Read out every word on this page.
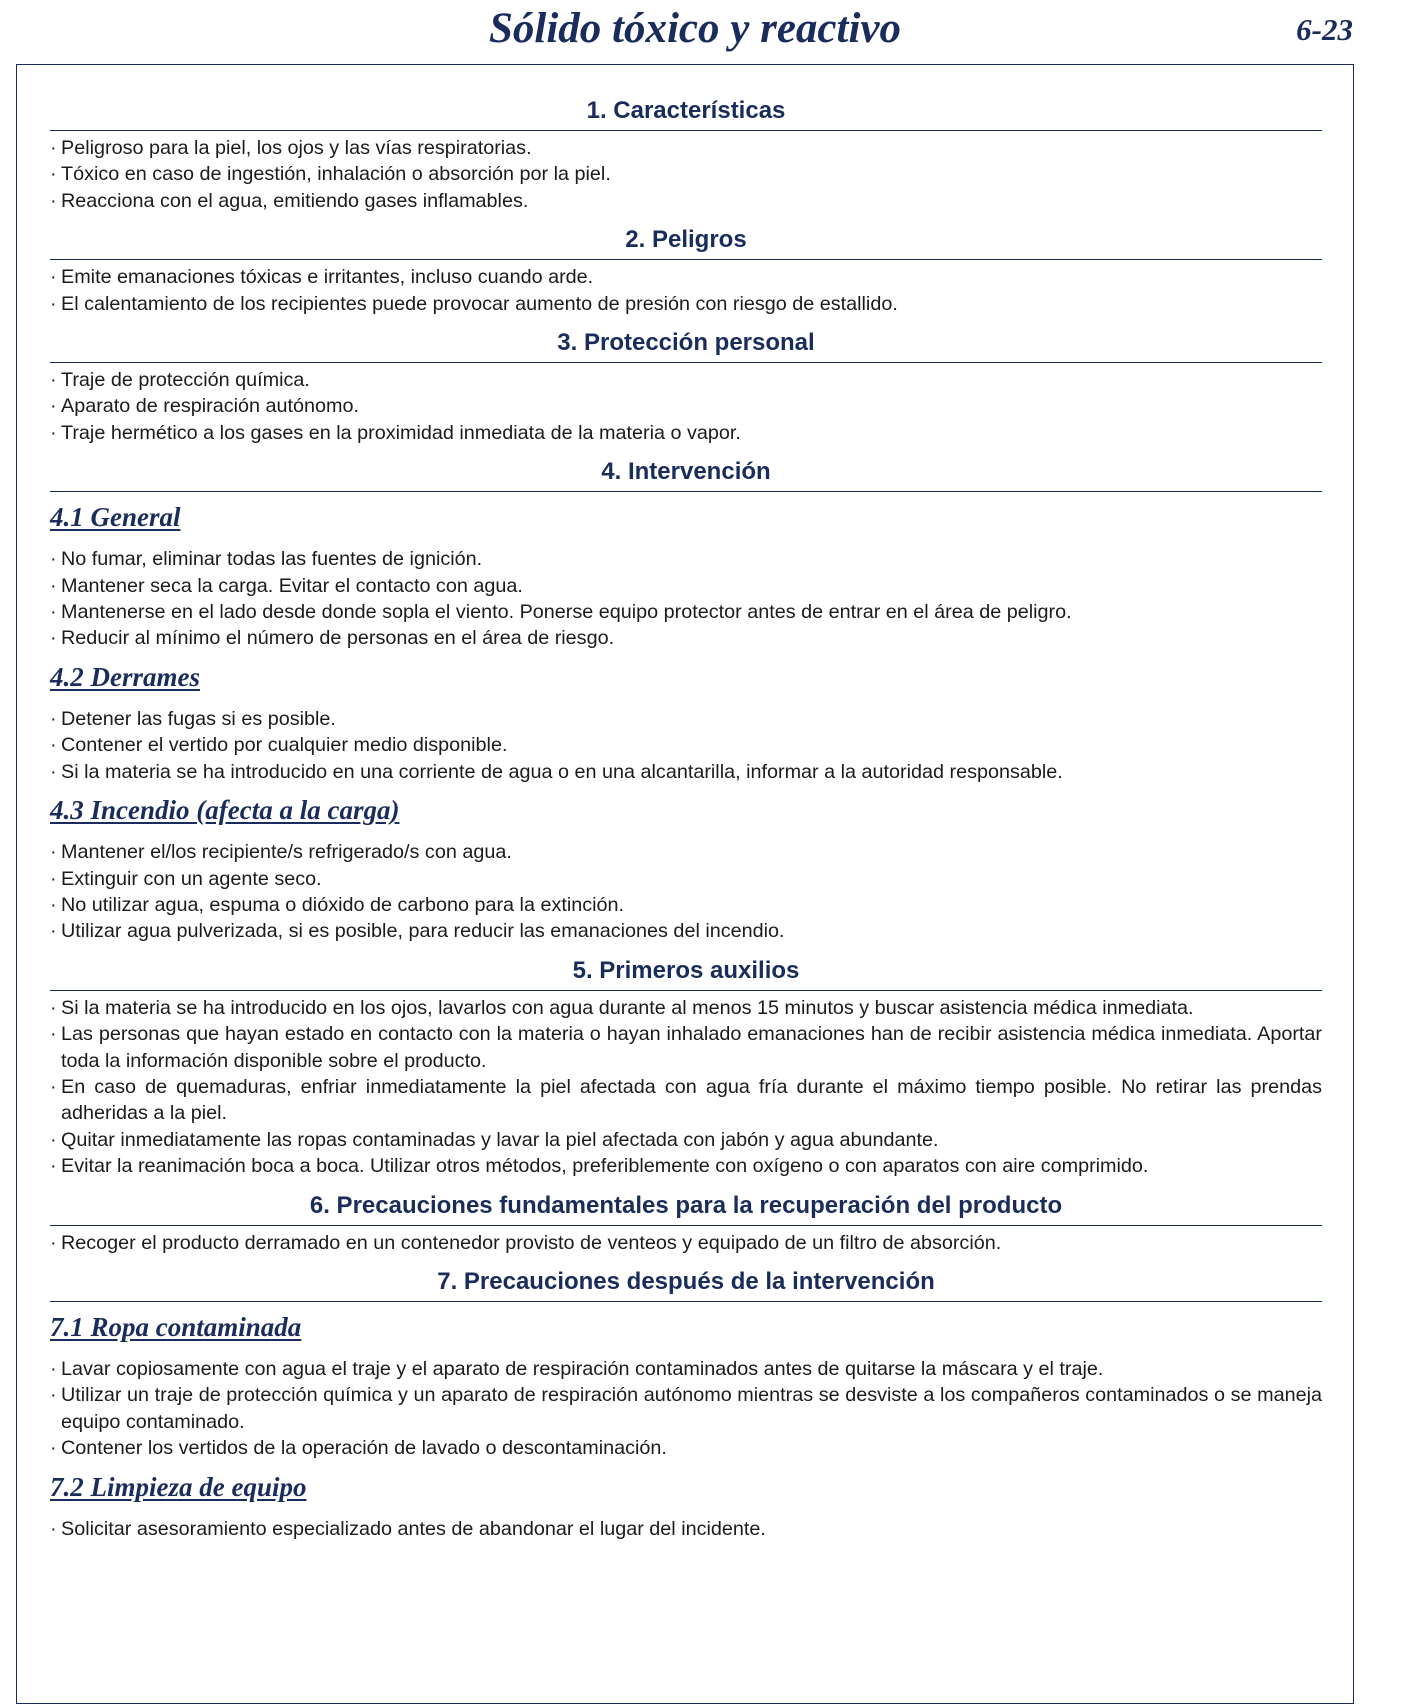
Sólido tóxico y reactivo	6-23
1. Características
· Peligroso para la piel, los ojos y las vías respiratorias.
· Tóxico en caso de ingestión, inhalación o absorción por la piel.
· Reacciona con el agua, emitiendo gases inflamables.
2. Peligros
· Emite emanaciones tóxicas e irritantes, incluso cuando arde.
· El calentamiento de los recipientes puede provocar aumento de presión con riesgo de estallido.
3. Protección personal
· Traje de protección química.
· Aparato de respiración autónomo.
· Traje hermético a los gases en la proximidad inmediata de la materia o vapor.
4. Intervención
4.1 General
· No fumar, eliminar todas las fuentes de ignición.
· Mantener seca la carga. Evitar el contacto con agua.
· Mantenerse en el lado desde donde sopla el viento. Ponerse equipo protector antes de entrar en el área de peligro.
· Reducir al mínimo el número de personas en el área de riesgo.
4.2 Derrames
· Detener las fugas si es posible.
· Contener el vertido por cualquier medio disponible.
· Si la materia se ha introducido en una corriente de agua o en una alcantarilla, informar a la autoridad responsable.
4.3 Incendio (afecta a la carga)
· Mantener el/los recipiente/s refrigerado/s con agua.
· Extinguir con un agente seco.
· No utilizar agua, espuma o dióxido de carbono para la extinción.
· Utilizar agua pulverizada, si es posible, para reducir las emanaciones del incendio.
5. Primeros auxilios
· Si la materia se ha introducido en los ojos, lavarlos con agua durante al menos 15 minutos y buscar asistencia médica inmediata.
· Las personas que hayan estado en contacto con la materia o hayan inhalado emanaciones han de recibir asistencia médica inmediata. Aportar toda la información disponible sobre el producto.
· En caso de quemaduras, enfriar inmediatamente la piel afectada con agua fría durante el máximo tiempo posible. No retirar las prendas adheridas a la piel.
· Quitar inmediatamente las ropas contaminadas y lavar la piel afectada con jabón y agua abundante.
· Evitar la reanimación boca a boca. Utilizar otros métodos, preferiblemente con oxígeno o con aparatos con aire comprimido.
6. Precauciones fundamentales para la recuperación del producto
· Recoger el producto derramado en un contenedor provisto de venteos y equipado de un filtro de absorción.
7. Precauciones después de la intervención
7.1 Ropa contaminada
· Lavar copiosamente con agua el traje y el aparato de respiración contaminados antes de quitarse la máscara y el traje.
· Utilizar un traje de protección química y un aparato de respiración autónomo mientras se desviste a los compañeros contaminados o se maneja equipo contaminado.
· Contener los vertidos de la operación de lavado o descontaminación.
7.2 Limpieza de equipo
· Solicitar asesoramiento especializado antes de abandonar el lugar del incidente.
